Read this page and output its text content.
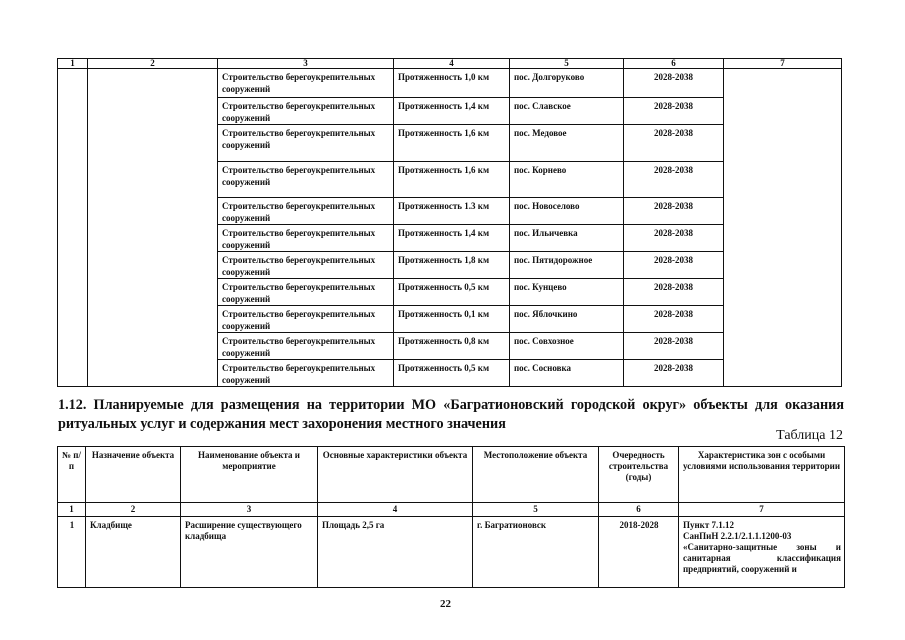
1	2	3	4	5	6	7
		Строительство берегоукрепительных сооружений	Протяженность 1,0 км	пос. Долгоруково	2028-2038	
		Строительство берегоукрепительных сооружений	Протяженность 1,4 км	пос. Славское	2028-2038	
		Строительство берегоукрепительных сооружений	Протяженность 1,6 км	пос. Медовое	2028-2038	
		Строительство берегоукрепительных сооружений	Протяженность 1,6 км	пос. Корнево	2028-2038	
		Строительство берегоукрепительных сооружений	Протяженность 1.3 км	пос. Новоселово	2028-2038	
		Строительство берегоукрепительных сооружений	Протяженность 1,4 км	пос. Ильичевка	2028-2038	
		Строительство берегоукрепительных сооружений	Протяженность 1,8 км	пос. Пятидорожное	2028-2038	
		Строительство берегоукрепительных сооружений	Протяженность 0,5 км	пос. Кунцево	2028-2038	
		Строительство берегоукрепительных сооружений	Протяженность 0,1 км	пос. Яблочкино	2028-2038	
		Строительство берегоукрепительных сооружений	Протяженность 0,8 км	пос. Совхозное	2028-2038	
		Строительство берегоукрепительных сооружений	Протяженность 0,5 км	пос. Сосновка	2028-2038	
1.12. Планируемые для размещения на территории МО «Багратионовский городской округ» объекты для оказания ритуальных услуг и содержания мест захоронения местного значения
Таблица 12
№ п/п	Назначение объекта	Наименование объекта и мероприятие	Основные характеристики объекта	Местоположение объекта	Очередность строительства (годы)	Характеристика зон с особыми условиями использования территории
1	2	3	4	5	6	7
1	Кладбище	Расширение существующего кладбища	Площадь 2,5 га	г. Багратионовск	2018-2028	Пункт 7.1.12
СанПиН 2.2.1/2.1.1.1200-03
«Санитарно-защитные зоны и санитарная классификация предприятий, сооружений и
22
